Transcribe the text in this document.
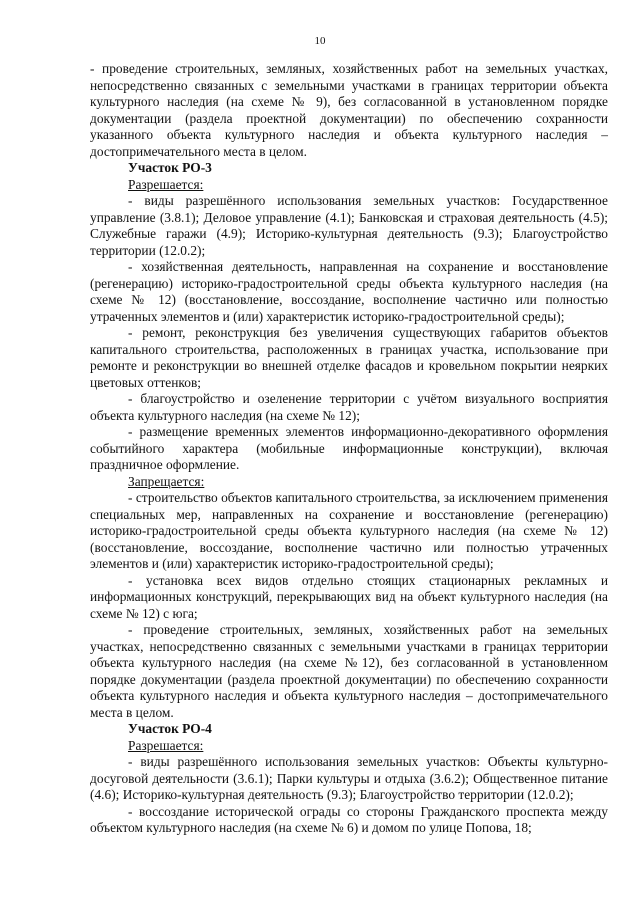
10

- проведение строительных, земляных, хозяйственных работ на земельных участках, непосредственно связанных с земельными участками в границах территории объекта культурного наследия (на схеме № 9), без согласованной в установленном порядке документации (раздела проектной документации) по обеспечению сохранности указанного объекта культурного наследия и объекта культурного наследия – достопримечательного места в целом.

Участок РО-3

Разрешается:

- виды разрешённого использования земельных участков: Государственное управление (3.8.1); Деловое управление (4.1); Банковская и страховая деятельность (4.5); Служебные гаражи (4.9); Историко-культурная деятельность (9.3); Благоустройство территории (12.0.2);

- хозяйственная деятельность, направленная на сохранение и восстановление (регенерацию) историко-градостроительной среды объекта культурного наследия (на схеме № 12) (восстановление, воссоздание, восполнение частично или полностью утраченных элементов и (или) характеристик историко-градостроительной среды);

- ремонт, реконструкция без увеличения существующих габаритов объектов капитального строительства, расположенных в границах участка, использование при ремонте и реконструкции во внешней отделке фасадов и кровельном покрытии неярких цветовых оттенков;

- благоустройство и озеленение территории с учётом визуального восприятия объекта культурного наследия (на схеме № 12);

- размещение временных элементов информационно-декоративного оформления событийного характера (мобильные информационные конструкции), включая праздничное оформление.

Запрещается:

- строительство объектов капитального строительства, за исключением применения специальных мер, направленных на сохранение и восстановление (регенерацию) историко-градостроительной среды объекта культурного наследия (на схеме № 12) (восстановление, воссоздание, восполнение частично или полностью утраченных элементов и (или) характеристик историко-градостроительной среды);

- установка всех видов отдельно стоящих стационарных рекламных и информационных конструкций, перекрывающих вид на объект культурного наследия (на схеме № 12) с юга;

- проведение строительных, земляных, хозяйственных работ на земельных участках, непосредственно связанных с земельными участками в границах территории объекта культурного наследия (на схеме №12), без согласованной в установленном порядке документации (раздела проектной документации) по обеспечению сохранности объекта культурного наследия и объекта культурного наследия – достопримечательного места в целом.

Участок РО-4

Разрешается:

- виды разрешённого использования земельных участков: Объекты культурно-досуговой деятельности (3.6.1); Парки культуры и отдыха (3.6.2); Общественное питание (4.6); Историко-культурная деятельность (9.3); Благоустройство территории (12.0.2);

- воссоздание исторической ограды со стороны Гражданского проспекта между объектом культурного наследия (на схеме № 6) и домом по улице Попова, 18;
